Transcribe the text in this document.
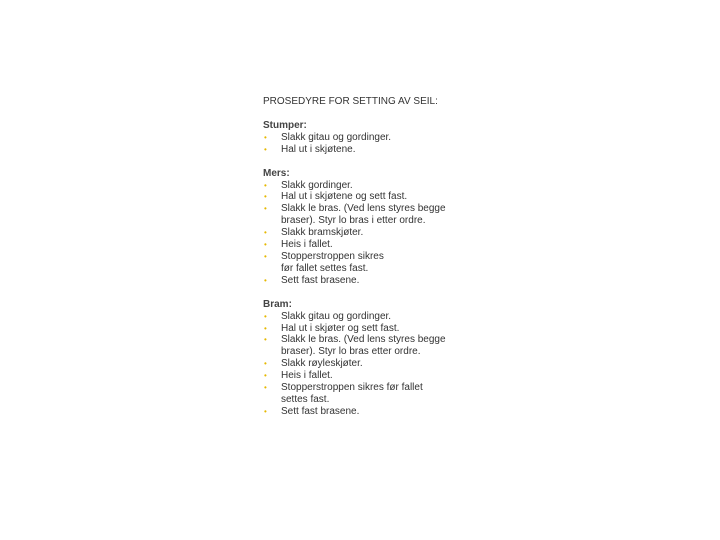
PROSEDYRE FOR SETTING AV SEIL:
Stumper:
• Slakk gitau og gordinger.
• Hal ut i skjøtene.
Mers:
• Slakk gordinger.
• Hal ut i skjøtene og sett fast.
• Slakk le bras. (Ved lens styres begge
braser). Styr lo bras i etter ordre.
• Slakk bramskjøter.
• Heis i fallet.
• Stopperstroppen sikres
før fallet settes fast.
• Sett fast brasene.
Bram:
• Slakk gitau og gordinger.
• Hal ut i skjøter og sett fast.
• Slakk le bras. (Ved lens styres begge
braser). Styr lo bras etter ordre.
• Slakk røyleskjøter.
• Heis i fallet.
• Stopperstroppen sikres før fallet
settes fast.
• Sett fast brasene.
